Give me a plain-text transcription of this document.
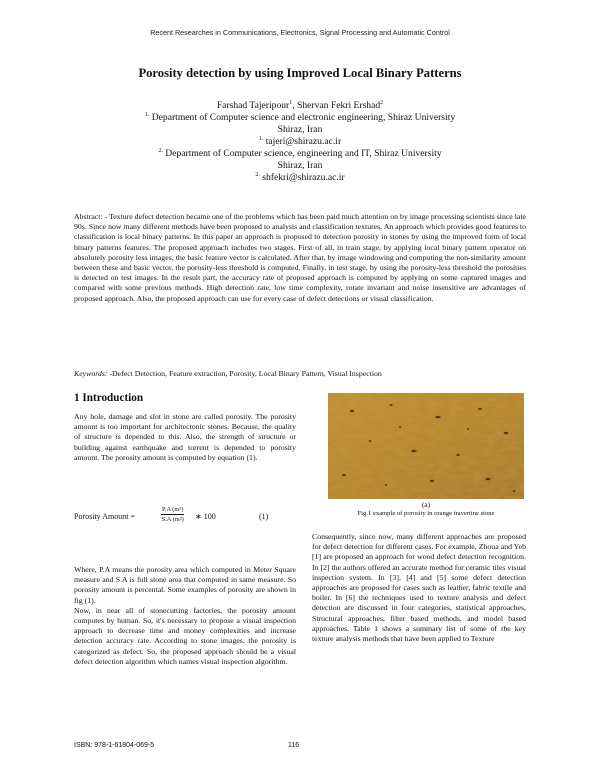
Recent Researches in Communications, Electronics, Signal Processing and Automatic Control
Porosity detection by using Improved Local Binary Patterns
Farshad Tajeripour$^1$, Shervan Fekri Ershad$^2$
$^{1.}$ Department of Computer science and electronic engineering, Shiraz University
Shiraz, Iran
$^{1.}$ tajeri@shirazu.ac.ir
$^{2.}$ Department of Computer science, engineering and IT, Shiraz University
Shiraz, Iran
$^{2.}$ shfekri@shirazu.ac.ir
Abstract: - Texture defect detection became one of the problems which has been paid much attention on by image processing scientists since late 90s. Since now many different methods have been proposed to analysis and classification textures. An approach which provides good features to classification is local binary patterns. In this paper an approach is proposed to detection porosity in stones by using the improved form of local binary patterns features. The proposed approach includes two stages. First of all, in train stage, by applying local binary pattern operator on absolutely porosity less images, the basic feature vector is calculated. After that, by image windowing and computing the non-similarity amount between these and basic vector, the porosity-less threshold is computed. Finally, in test stage, by using the porosity-less threshold the porosities is detected on test images. In the result part, the accuracy rate of proposed approach is computed by applying on some captured images and compared with some previous methods. High detection rate, low time complexity, rotate invariant and noise insensitive are advantages of proposed approach. Also, the proposed approach can use for every case of defect detections or visual classification.
Keywords: -Defect Detection, Feature extraction, Porosity, Local Binary Pattern, Visual Inspection
1 Introduction
Any hole, damage and slot in stone are called porosity. The porosity amount is too important for architectonic stones. Because, the quality of structure is depended to this. Also, the strength of structure or building against earthquake and torrent is depended to porosity amount. The porosity amount is computed by equation (1).
Porosity Amount =	$\frac{\text{P.A (m²)}}{\text{S.A (m²)}}$ ∗ 100	(1)
Where, P.A means the porosity area which computed in Meter Square measure and S.A is full stone area that computed in same measure. So porosity amount is percental. Some examples of porosity are shown in fig (1).
Now, in near all of stonecutting factories, the porosity amount computes by human. So, it's necessary to propose a visual inspection approach to decrease time and money complexities and increase detection accuracy rate. According to stone images, the porosity is categorized as defect. So, the proposed approach should be a visual defect detection algorithm which names visual inspection algorithm.
(a)
Fig.1 example of porosity in orange travertine stone
Consequently, since now, many different approaches are proposed for defect detection for different cases. For example, Zhoua and Yeb [1] are proposed an approach for wood defect detection recognition. In [2] the authors offered an accurate method for ceramic tiles visual inspection system. In [3], [4] and [5] some defect detection approaches are proposed for cases such as leather, fabric textile and boiler. In [6] the techniques used to texture analysis and defect detection are discussed in four categories, statistical approaches, Structural approaches, filter based methods, and model based approaches. Table 1 shows a summary list of some of the key texture analysis methods that have been applied to Texture
ISBN: 978-1-61804-069-5	116
